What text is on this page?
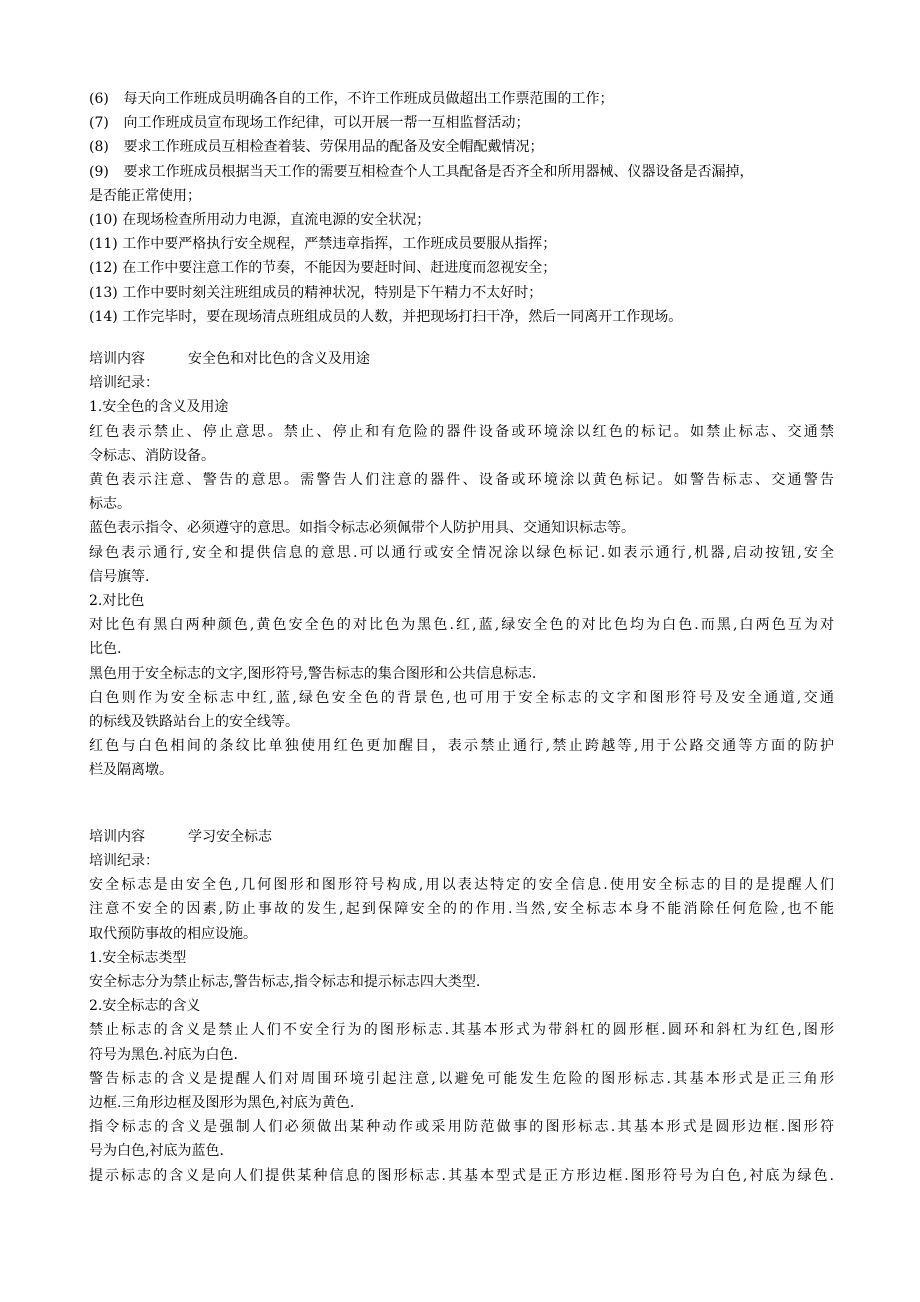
(6) 每天向工作班成员明确各自的工作，不许工作班成员做超出工作票范围的工作；
(7) 向工作班成员宣布现场工作纪律，可以开展一帮一互相监督活动；
(8) 要求工作班成员互相检查着装、劳保用品的配备及安全帽配戴情况；
(9) 要求工作班成员根据当天工作的需要互相检查个人工具配备是否齐全和所用器械、仪器设备是否漏掉，
是否能正常使用；
(10) 在现场检查所用动力电源，直流电源的安全状况；
(11) 工作中要严格执行安全规程，严禁违章指挥，工作班成员要服从指挥；
(12) 在工作中要注意工作的节奏，不能因为要赶时间、赶进度而忽视安全；
(13) 工作中要时刻关注班组成员的精神状况，特别是下午精力不太好时；
(14) 工作完毕时，要在现场清点班组成员的人数，并把现场打扫干净，然后一同离开工作现场。
培训内容	安全色和对比色的含义及用途
培训纪录：
1.安全色的含义及用途
红色表示禁止、停止意思。禁止、停止和有危险的器件设备或环境涂以红色的标记。如禁止标志、交通禁
令标志、消防设备。
黄色表示注意、警告的意思。需警告人们注意的器件、设备或环境涂以黄色标记。如警告标志、交通警告
标志。
蓝色表示指令、必须遵守的意思。如指令标志必须佩带个人防护用具、交通知识标志等。
绿色表示通行,安全和提供信息的意思.可以通行或安全情况涂以绿色标记.如表示通行,机器,启动按钮,安全
信号旗等.
2.对比色
对比色有黑白两种颜色,黄色安全色的对比色为黑色.红,蓝,绿安全色的对比色均为白色.而黑,白两色互为对
比色.
黑色用于安全标志的文字,图形符号,警告标志的集合图形和公共信息标志.
白色则作为安全标志中红,蓝,绿色安全色的背景色,也可用于安全标志的文字和图形符号及安全通道,交通
的标线及铁路站台上的安全线等。
红色与白色相间的条纹比单独使用红色更加醒目，表示禁止通行,禁止跨越等,用于公路交通等方面的防护
栏及隔离墩。
培训内容	学习安全标志
培训纪录：
安全标志是由安全色,几何图形和图形符号构成,用以表达特定的安全信息.使用安全标志的目的是提醒人们
注意不安全的因素,防止事故的发生,起到保障安全的的作用.当然,安全标志本身不能消除任何危险,也不能
取代预防事故的相应设施。
1.安全标志类型
安全标志分为禁止标志,警告标志,指令标志和提示标志四大类型.
2.安全标志的含义
禁止标志的含义是禁止人们不安全行为的图形标志.其基本形式为带斜杠的圆形框.圆环和斜杠为红色,图形
符号为黑色.衬底为白色.
警告标志的含义是提醒人们对周围环境引起注意,以避免可能发生危险的图形标志.其基本形式是正三角形
边框.三角形边框及图形为黑色,衬底为黄色.
指令标志的含义是强制人们必须做出某种动作或采用防范做事的图形标志.其基本形式是圆形边框.图形符
号为白色,衬底为蓝色.
提示标志的含义是向人们提供某种信息的图形标志.其基本型式是正方形边框.图形符号为白色,衬底为绿色.
